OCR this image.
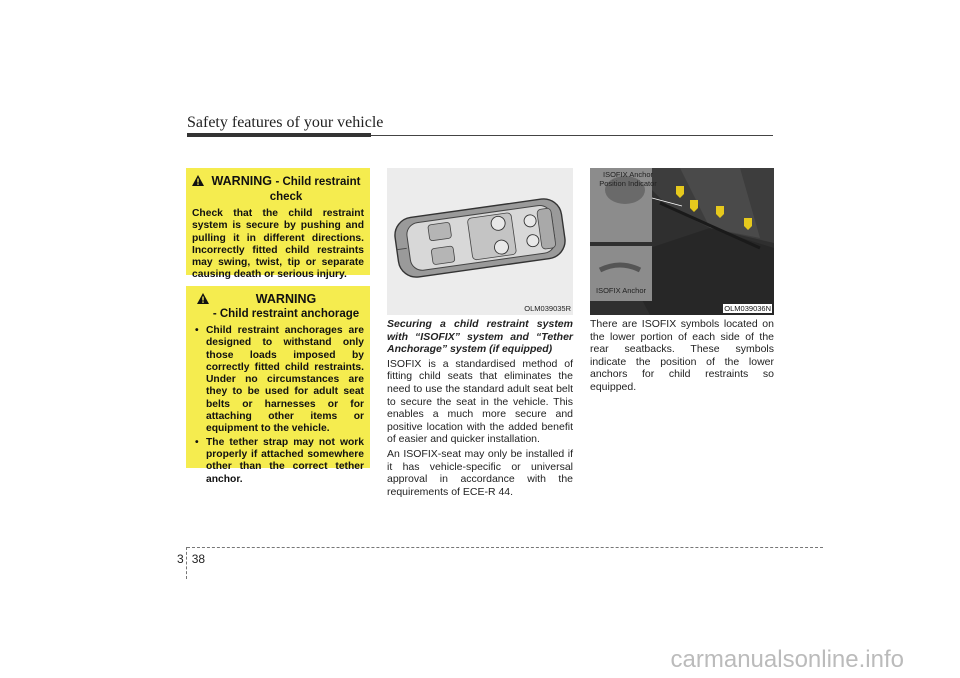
Safety features of your vehicle
WARNING - Child restraint check
Check that the child restraint system is secure by pushing and pulling it in different directions. Incorrectly fitted child restraints may swing, twist, tip or separate causing death or serious injury.
WARNING
- Child restraint anchorage
• Child restraint anchorages are designed to withstand only those loads imposed by correctly fitted child restraints. Under no circumstances are they to be used for adult seat belts or harnesses or for attaching other items or equipment to the vehicle.
• The tether strap may not work properly if attached somewhere other than the correct tether anchor.
OLM039035R

Securing a child restraint system with “ISOFIX” system and “Tether Anchorage” system (if equipped)

ISOFIX is a standardised method of fitting child seats that eliminates the need to use the standard adult seat belt to secure the seat in the vehicle. This enables a much more secure and positive location with the added benefit of easier and quicker installation.

An ISOFIX-seat may only be installed if it has vehicle-specific or universal approval in accordance with the requirements of ECE-R 44.

ISOFIX Anchor Position Indicator
ISOFIX Anchor
OLM039036N

There are ISOFIX symbols located on the lower portion of each side of the rear seatbacks. These symbols indicate the position of the lower anchors for child restraints so equipped.

3 38
carmanualsonline.info
